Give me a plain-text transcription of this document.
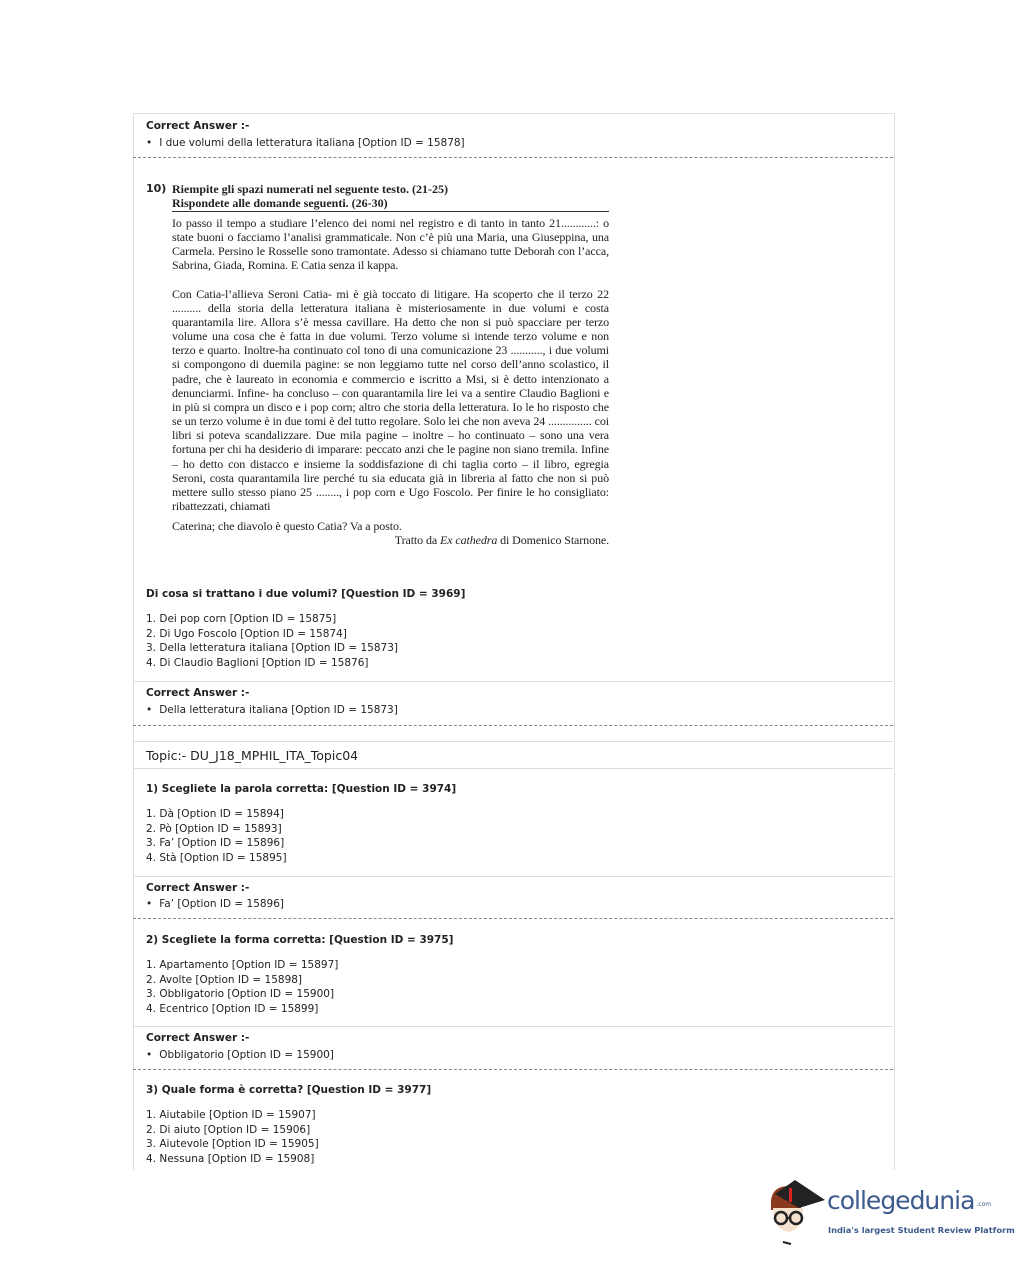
Correct Answer :-
• I due volumi della letteratura italiana [Option ID = 15878]
10) Riempite gli spazi numerati nel seguente testo. (21-25)
Rispondete alle domande seguenti. (26-30)

Io passo il tempo a studiare l’elenco dei nomi nel registro e di tanto in tanto 21............: o state buoni o facciamo l’analisi grammaticale. Non c’è più una Maria, una Giuseppina, una Carmela. Persino le Rosselle sono tramontate. Adesso si chiamano tutte Deborah con l’acca, Sabrina, Giada, Romina. E Catia senza il kappa.

Con Catia-l’allieva Seroni Catia- mi è già toccato di litigare. Ha scoperto che il terzo 22 .......... della storia della letteratura italiana è misteriosamente in due volumi e costa quarantamila lire. Allora s’è messa cavillare. Ha detto che non si può spacciare per terzo volume una cosa che è fatta in due volumi. Terzo volume si intende terzo volume e non terzo e quarto. Inoltre-ha continuato col tono di una comunicazione 23 ..........., i due volumi si compongono di duemila pagine: se non leggiamo tutte nel corso dell’anno scolastico, il padre, che è laureato in economia e commercio e iscritto a Msi, si è detto intenzionato a denunciarmi. Infine- ha concluso – con quarantamila lire lei va a sentire Claudio Baglioni e in più si compra un disco e i pop corn; altro che storia della letteratura. Io le ho risposto che se un terzo volume è in due tomi è del tutto regolare. Solo lei che non aveva 24 ............... coi libri si poteva scandalizzare. Due mila pagine – inoltre – ho continuato – sono una vera fortuna per chi ha desiderio di imparare: peccato anzi che le pagine non siano tremila. Infine – ho detto con distacco e insieme la soddisfazione di chi taglia corto – il libro, egregia Seroni, costa quarantamila lire perché tu sia educata già in libreria al fatto che non si può mettere sullo stesso piano 25 ........, i pop corn e Ugo Foscolo. Per finire le ho consigliato: ribattezzati, chiamati

Caterina; che diavolo è questo Catia? Va a posto.

Tratto da Ex cathedra di Domenico Starnone.
Di cosa si trattano i due volumi? [Question ID = 3969]
1. Dei pop corn [Option ID = 15875]
2. Di Ugo Foscolo [Option ID = 15874]
3. Della letteratura italiana [Option ID = 15873]
4. Di Claudio Baglioni [Option ID = 15876]
Correct Answer :-
• Della letteratura italiana [Option ID = 15873]
Topic:- DU_J18_MPHIL_ITA_Topic04
1) Scegliete la parola corretta: [Question ID = 3974]
1. Dà [Option ID = 15894]
2. Pò [Option ID = 15893]
3. Fa’ [Option ID = 15896]
4. Stà [Option ID = 15895]
Correct Answer :-
• Fa’ [Option ID = 15896]
2) Scegliete la forma corretta: [Question ID = 3975]
1. Apartamento [Option ID = 15897]
2. Avolte [Option ID = 15898]
3. Obbligatorio [Option ID = 15900]
4. Ecentrico [Option ID = 15899]
Correct Answer :-
• Obbligatorio [Option ID = 15900]
3) Quale forma è corretta? [Question ID = 3977]
1. Aiutabile [Option ID = 15907]
2. Di aiuto [Option ID = 15906]
3. Aiutevole [Option ID = 15905]
4. Nessuna [Option ID = 15908]
collegedunia .com
India's largest Student Review Platform
